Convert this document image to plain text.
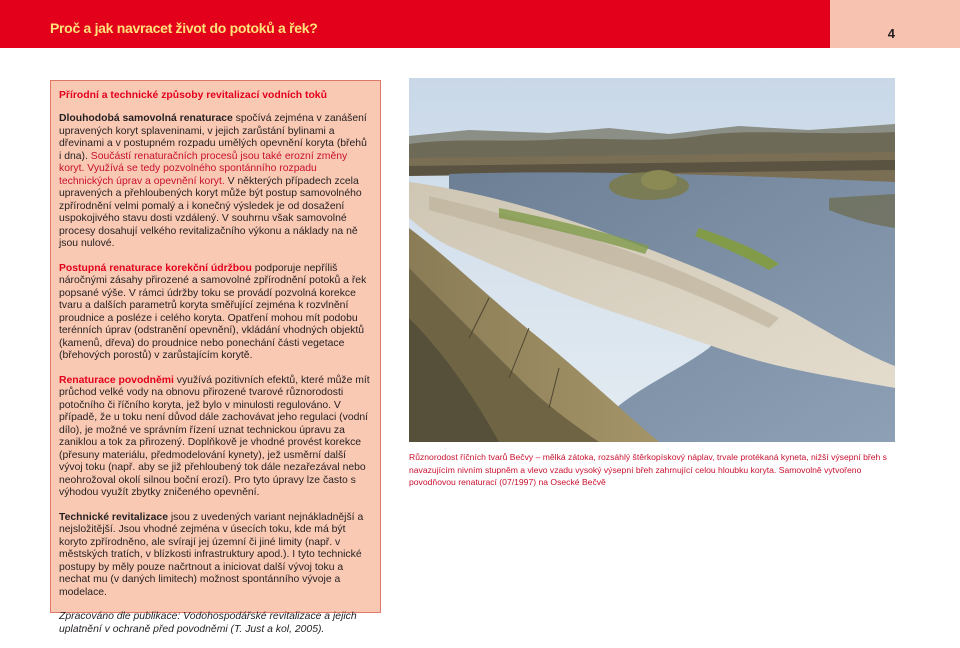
Proč a jak navracet život do potoků a řek?	4
Přírodní a technické způsoby revitalizací vodních toků

Dlouhodobá samovolná renaturace spočívá zejména v zanášení upravených koryt splaveninami, v jejich zarůstání bylinami a dřevinami a v postupném rozpadu umělých opevnění koryta (břehů i dna). Součástí renaturačních procesů jsou také erozní změny koryt. Využívá se tedy pozvolného spontánního rozpadu technických úprav a opevnění koryt. V některých případech zcela upravených a přehloubených koryt může být postup samovolného zpřírodnění velmi pomalý a i konečný výsledek je od dosažení uspokojivého stavu dosti vzdálený. V souhrnu však samovolné procesy dosahují velkého revitalizačního výkonu a náklady na ně jsou nulové.

Postupná renaturace korekční údržbou podporuje nepříliš náročnými zásahy přirozené a samovolné zpřírodnění potoků a řek popsané výše. V rámci údržby toku se provádí pozvolná korekce tvaru a dalších parametrů koryta směřující zejména k rozvlnění proudnice a posléze i celého koryta. Opatření mohou mít podobu terénních úprav (odstranění opevnění), vkládání vhodných objektů (kamenů, dřeva) do proudnice nebo ponechání části vegetace (břehových porostů) v zarůstajícím korytě.

Renaturace povodněmi využívá pozitivních efektů, které může mít průchod velké vody na obnovu přirozené tvarové různorodosti potočního či říčního koryta, jež bylo v minulosti regulováno. V případě, že u toku není důvod dále zachovávat jeho regulaci (vodní dílo), je možné ve správním řízení uznat technickou úpravu za zaniklou a tok za přirozený. Doplňkově je vhodné provést korekce (přesuny materiálu, předmodelování kynety), jež usměrní další vývoj toku (např. aby se již přehloubený tok dále nezařezával nebo neohrožoval okolí silnou boční erozí). Pro tyto úpravy lze často s výhodou využít zbytky zničeného opevnění.

Technické revitalizace jsou z uvedených variant nejnákladnější a nejsložitější. Jsou vhodné zejména v úsecích toku, kde má být koryto zpřírodněno, ale svírají jej územní či jiné limity (např. v městských tratích, v blízkosti infrastruktury apod.). I tyto technické postupy by měly pouze načrtnout a iniciovat další vývoj toku a nechat mu (v daných limitech) možnost spontánního vývoje a modelace.

Zpracováno dle publikace: Vodohospodářské revitalizace a jejich uplatnění v ochraně před povodněmi (T. Just a kol, 2005).

Různorodost říčních tvarů Bečvy – mělká zátoka, rozsáhlý štěrkopískový náplav, trvale protékaná kyneta, nižší výsepní břeh s navazujícím nivním stupněm a vlevo vzadu vysoký výsepní břeh zahrnující celou hloubku koryta. Samovolně vytvořeno povodňovou renaturací (07/1997) na Osecké Bečvě
